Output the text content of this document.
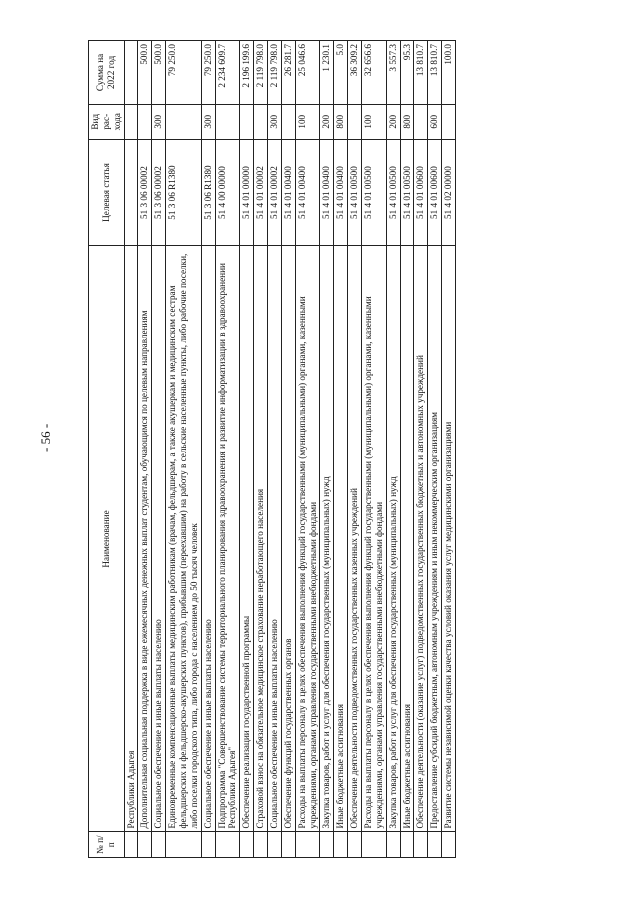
- 56 -
№ п/п	Наименование	Целевая статья	Вид рас- хода	Сумма на 2022 год
	Республики Адыгея			
	Дополнительная социальная поддержка в виде ежемесячных денежных выплат студентам, обучающимся по целевым направлениям	51 3 06 00002		500.0
	Социальное обеспечение и иные выплаты населению	51 3 06 00002	300	500.0
	Единовременные компенсационные выплаты медицинским работникам (врачам, фельдшерам, а также акушеркам и медицинским сестрам фельдшерских и фельдшерско-акушерских пунктов), прибывшим (переехавшим) на работу в сельские населенные пункты, либо рабочие поселки, либо поселки городского типа, либо города с населением до 50 тысяч человек	51 3 06 R1380		79 250.0
	Социальное обеспечение и иные выплаты населению	51 3 06 R1380	300	79 250.0
	Подпрограмма "Совершенствование системы территориального планирования здравоохранения и развитие информатизации в здравоохранении Республики Адыгея"	51 4 00 00000		2 234 609.7
	Обеспечение реализации государственной программы	51 4 01 00000		2 196 199.6
	Страховой взнос на обязательное медицинское страхование неработающего населения	51 4 01 00002		2 119 798.0
	Социальное обеспечение и иные выплаты населению	51 4 01 00002	300	2 119 798.0
	Обеспечение функций государственных органов	51 4 01 00400		26 281.7
	Расходы на выплаты персоналу в целях обеспечения выполнения функций государственными (муниципальными) органами, казенными учреждениями, органами управления государственными внебюджетными фондами	51 4 01 00400	100	25 046.6
	Закупка товаров, работ и услуг для обеспечения государственных (муниципальных) нужд	51 4 01 00400	200	1 230.1
	Иные бюджетные ассигнования	51 4 01 00400	800	5.0
	Обеспечение деятельности подведомственных государственных казенных учреждений	51 4 01 00500		36 309.2
	Расходы на выплаты персоналу в целях обеспечения выполнения функций государственными (муниципальными) органами, казенными учреждениями, органами управления государственными внебюджетными фондами	51 4 01 00500	100	32 656.6
	Закупка товаров, работ и услуг для обеспечения государственных (муниципальных) нужд	51 4 01 00500	200	3 557.3
	Иные бюджетные ассигнования	51 4 01 00500	800	95.3
	Обеспечение деятельности (оказание услуг) подведомственных государственных бюджетных и автономных учреждений	51 4 01 00600		13 810.7
	Предоставление субсидий бюджетным, автономным учреждениям и иным некоммерческим организациям	51 4 01 00600	600	13 810.7
	Развитие системы независимой оценки качества условий оказания услуг медицинскими организациями	51 4 02 00000		100.0
